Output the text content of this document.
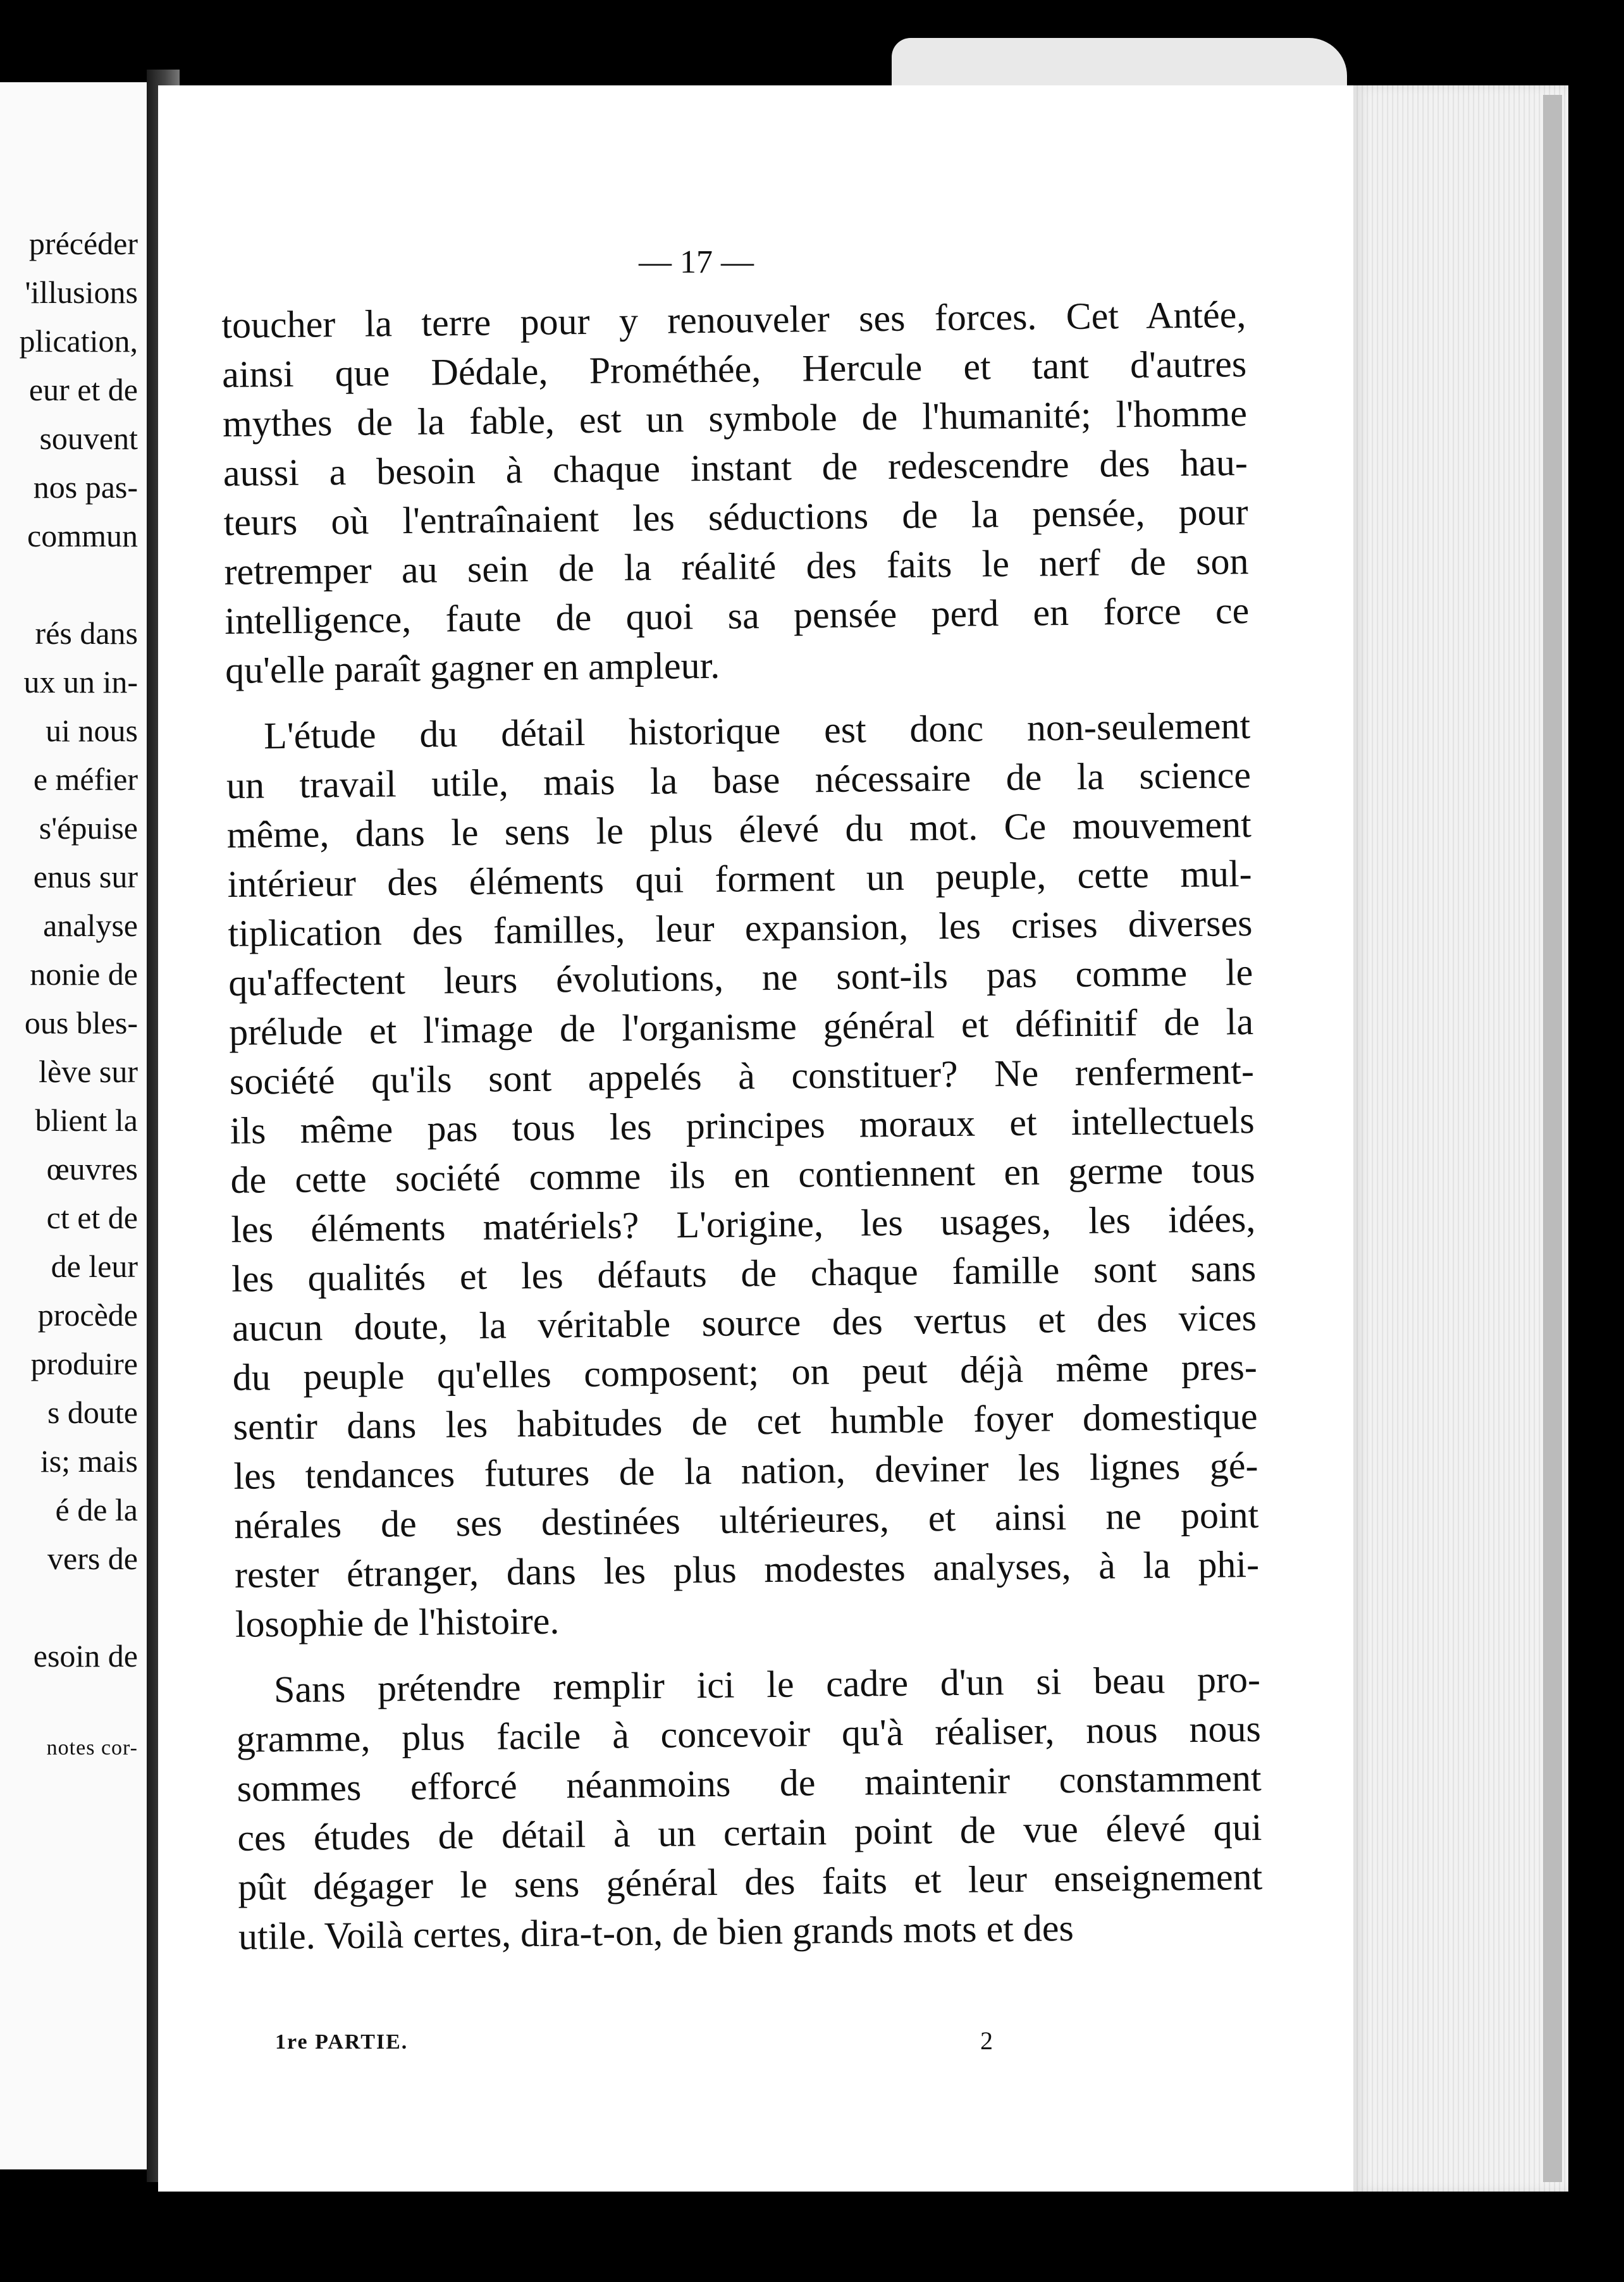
précéder
'illusions
plication,
eur et de
souvent
nos pas-
commun
rés dans
ux un in-
ui nous
e méfier
s'épuise
enus sur
analyse
nonie de
ous bles-
lève sur
blient la
œuvres
ct et de
de leur
procède
produire
s doute
is; mais
é de la
vers de
esoin de
notes cor-
— 17 —
toucher la terre pour y renouveler ses forces. Cet Antée,
ainsi que Dédale, Prométhée, Hercule et tant d'autres
mythes de la fable, est un symbole de l'humanité; l'homme
aussi a besoin à chaque instant de redescendre des hau-
teurs où l'entraînaient les séductions de la pensée, pour
retremper au sein de la réalité des faits le nerf de son
intelligence, faute de quoi sa pensée perd en force ce
qu'elle paraît gagner en ampleur.
L'étude du détail historique est donc non-seulement
un travail utile, mais la base nécessaire de la science
même, dans le sens le plus élevé du mot. Ce mouvement
intérieur des éléments qui forment un peuple, cette mul-
tiplication des familles, leur expansion, les crises diverses
qu'affectent leurs évolutions, ne sont-ils pas comme le
prélude et l'image de l'organisme général et définitif de la
société qu'ils sont appelés à constituer? Ne renferment-
ils même pas tous les principes moraux et intellectuels
de cette société comme ils en contiennent en germe tous
les éléments matériels? L'origine, les usages, les idées,
les qualités et les défauts de chaque famille sont sans
aucun doute, la véritable source des vertus et des vices
du peuple qu'elles composent; on peut déjà même pres-
sentir dans les habitudes de cet humble foyer domestique
les tendances futures de la nation, deviner les lignes gé-
nérales de ses destinées ultérieures, et ainsi ne point
rester étranger, dans les plus modestes analyses, à la phi-
losophie de l'histoire.
Sans prétendre remplir ici le cadre d'un si beau pro-
gramme, plus facile à concevoir qu'à réaliser, nous nous
sommes efforcé néanmoins de maintenir constamment
ces études de détail à un certain point de vue élevé qui
pût dégager le sens général des faits et leur enseignement
utile. Voilà certes, dira-t-on, de bien grands mots et des
1re PARTIE.	2
